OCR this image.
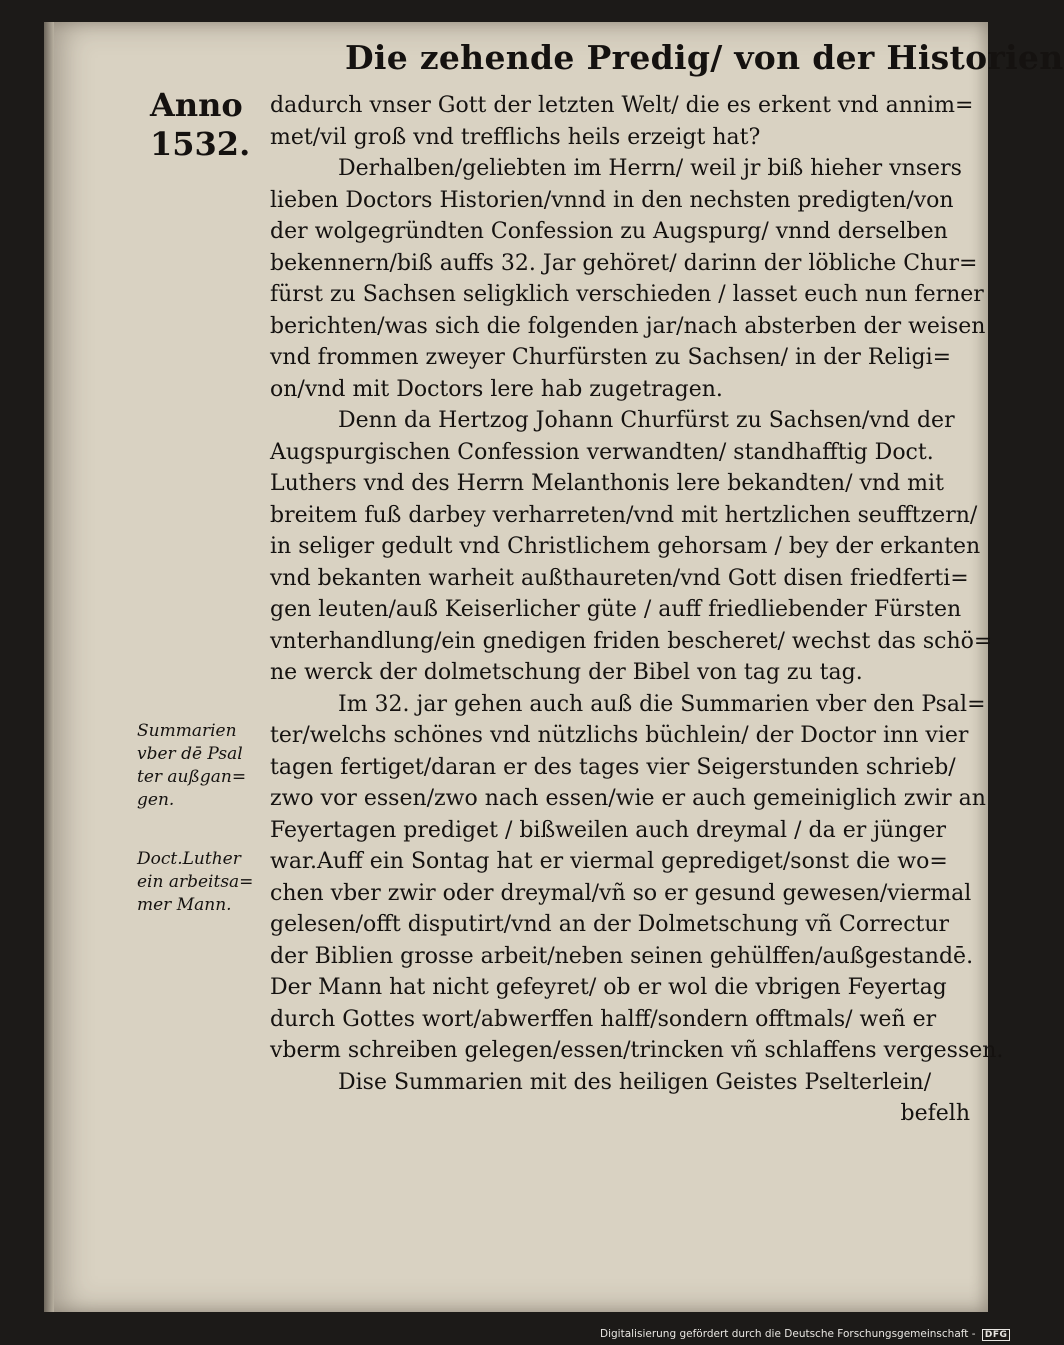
Die zehende Predig/ von der Historien
Anno
1532.
dadurch vnser Gott der letzten Welt/ die es erkent vnd annim=
met/vil groß vnd trefflichs heils erzeigt hat?
Derhalben/geliebten im Herrn/ weil jr biß hieher vnsers
lieben Doctors Historien/vnnd in den nechsten predigten/von
der wolgegründten Confession zu Augspurg/ vnnd derselben
bekennern/biß auffs 32. Jar gehöret/ darinn der löbliche Chur=
fürst zu Sachsen seligklich verschieden / lasset euch nun ferner
berichten/was sich die folgenden jar/nach absterben der weisen
vnd frommen zweyer Churfürsten zu Sachsen/ in der Religi=
on/vnd mit Doctors lere hab zugetragen.
Denn da Hertzog Johann Churfürst zu Sachsen/vnd der
Augspurgischen Confession verwandten/ standhafftig Doct.
Luthers vnd des Herrn Melanthonis lere bekandten/ vnd mit
breitem fuß darbey verharreten/vnd mit hertzlichen seufftzern/
in seliger gedult vnd Christlichem gehorsam / bey der erkanten
vnd bekanten warheit außthaureten/vnd Gott disen friedferti=
gen leuten/auß Keiserlicher güte / auff friedliebender Fürsten
vnterhandlung/ein gnedigen friden bescheret/ wechst das schö=
ne werck der dolmetschung der Bibel von tag zu tag.
Im 32. jar gehen auch auß die Summarien vber den Psal=
ter/welchs schönes vnd nützlichs büchlein/ der Doctor inn vier
tagen fertiget/daran er des tages vier Seigerstunden schrieb/
zwo vor essen/zwo nach essen/wie er auch gemeiniglich zwir an
Feyertagen prediget / bißweilen auch dreymal / da er jünger
war.Auff ein Sontag hat er viermal geprediget/sonst die wo=
chen vber zwir oder dreymal/vñ so er gesund gewesen/viermal
gelesen/offt disputirt/vnd an der Dolmetschung vñ Correctur
der Biblien grosse arbeit/neben seinen gehülffen/außgestandē.
Der Mann hat nicht gefeyret/ ob er wol die vbrigen Feyertag
durch Gottes wort/abwerffen halff/sondern offtmals/ weñ er
vberm schreiben gelegen/essen/trincken vñ schlaffens vergessen.
Dise Summarien mit des heiligen Geistes Pselterlein/
befelh
Summarien
vber dē Psal
ter außgan=
gen.
Doct.Luther
ein arbeitsa=
mer Mann.
Digitalisierung gefördert durch die Deutsche Forschungsgemeinschaft - DFG
